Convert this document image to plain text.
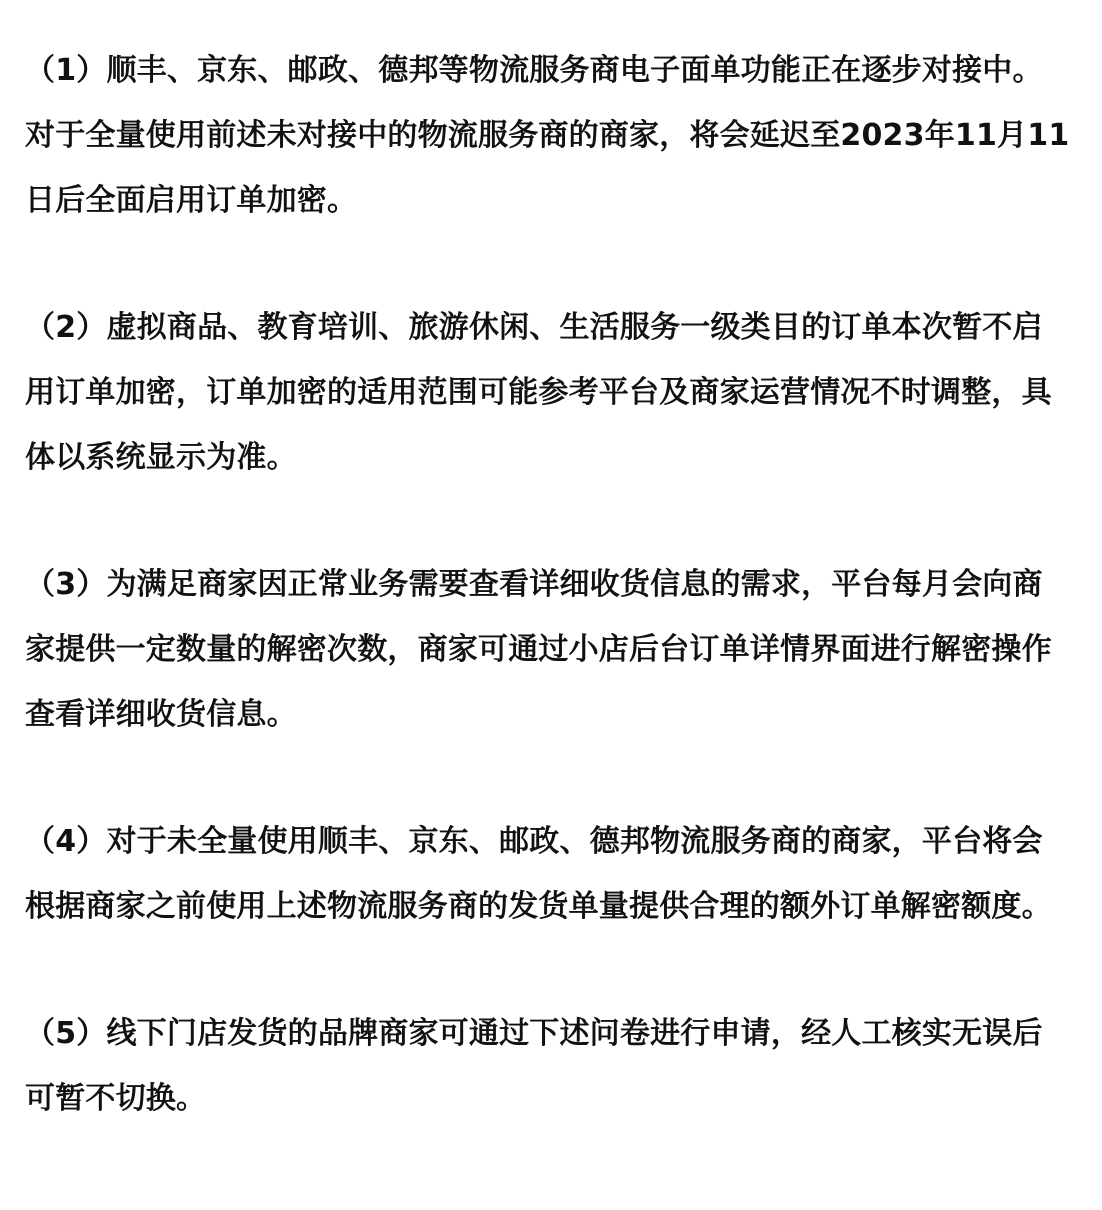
（1）顺丰、京东、邮政、德邦等物流服务商电子面单功能正在逐步对接中。对于全量使用前述未对接中的物流服务商的商家，将会延迟至2023年11月11日后全面启用订单加密。

（2）虚拟商品、教育培训、旅游休闲、生活服务一级类目的订单本次暂不启用订单加密，订单加密的适用范围可能参考平台及商家运营情况不时调整，具体以系统显示为准。

（3）为满足商家因正常业务需要查看详细收货信息的需求，平台每月会向商家提供一定数量的解密次数，商家可通过小店后台订单详情界面进行解密操作查看详细收货信息。

（4）对于未全量使用顺丰、京东、邮政、德邦物流服务商的商家，平台将会根据商家之前使用上述物流服务商的发货单量提供合理的额外订单解密额度。

（5）线下门店发货的品牌商家可通过下述问卷进行申请，经人工核实无误后可暂不切换。
